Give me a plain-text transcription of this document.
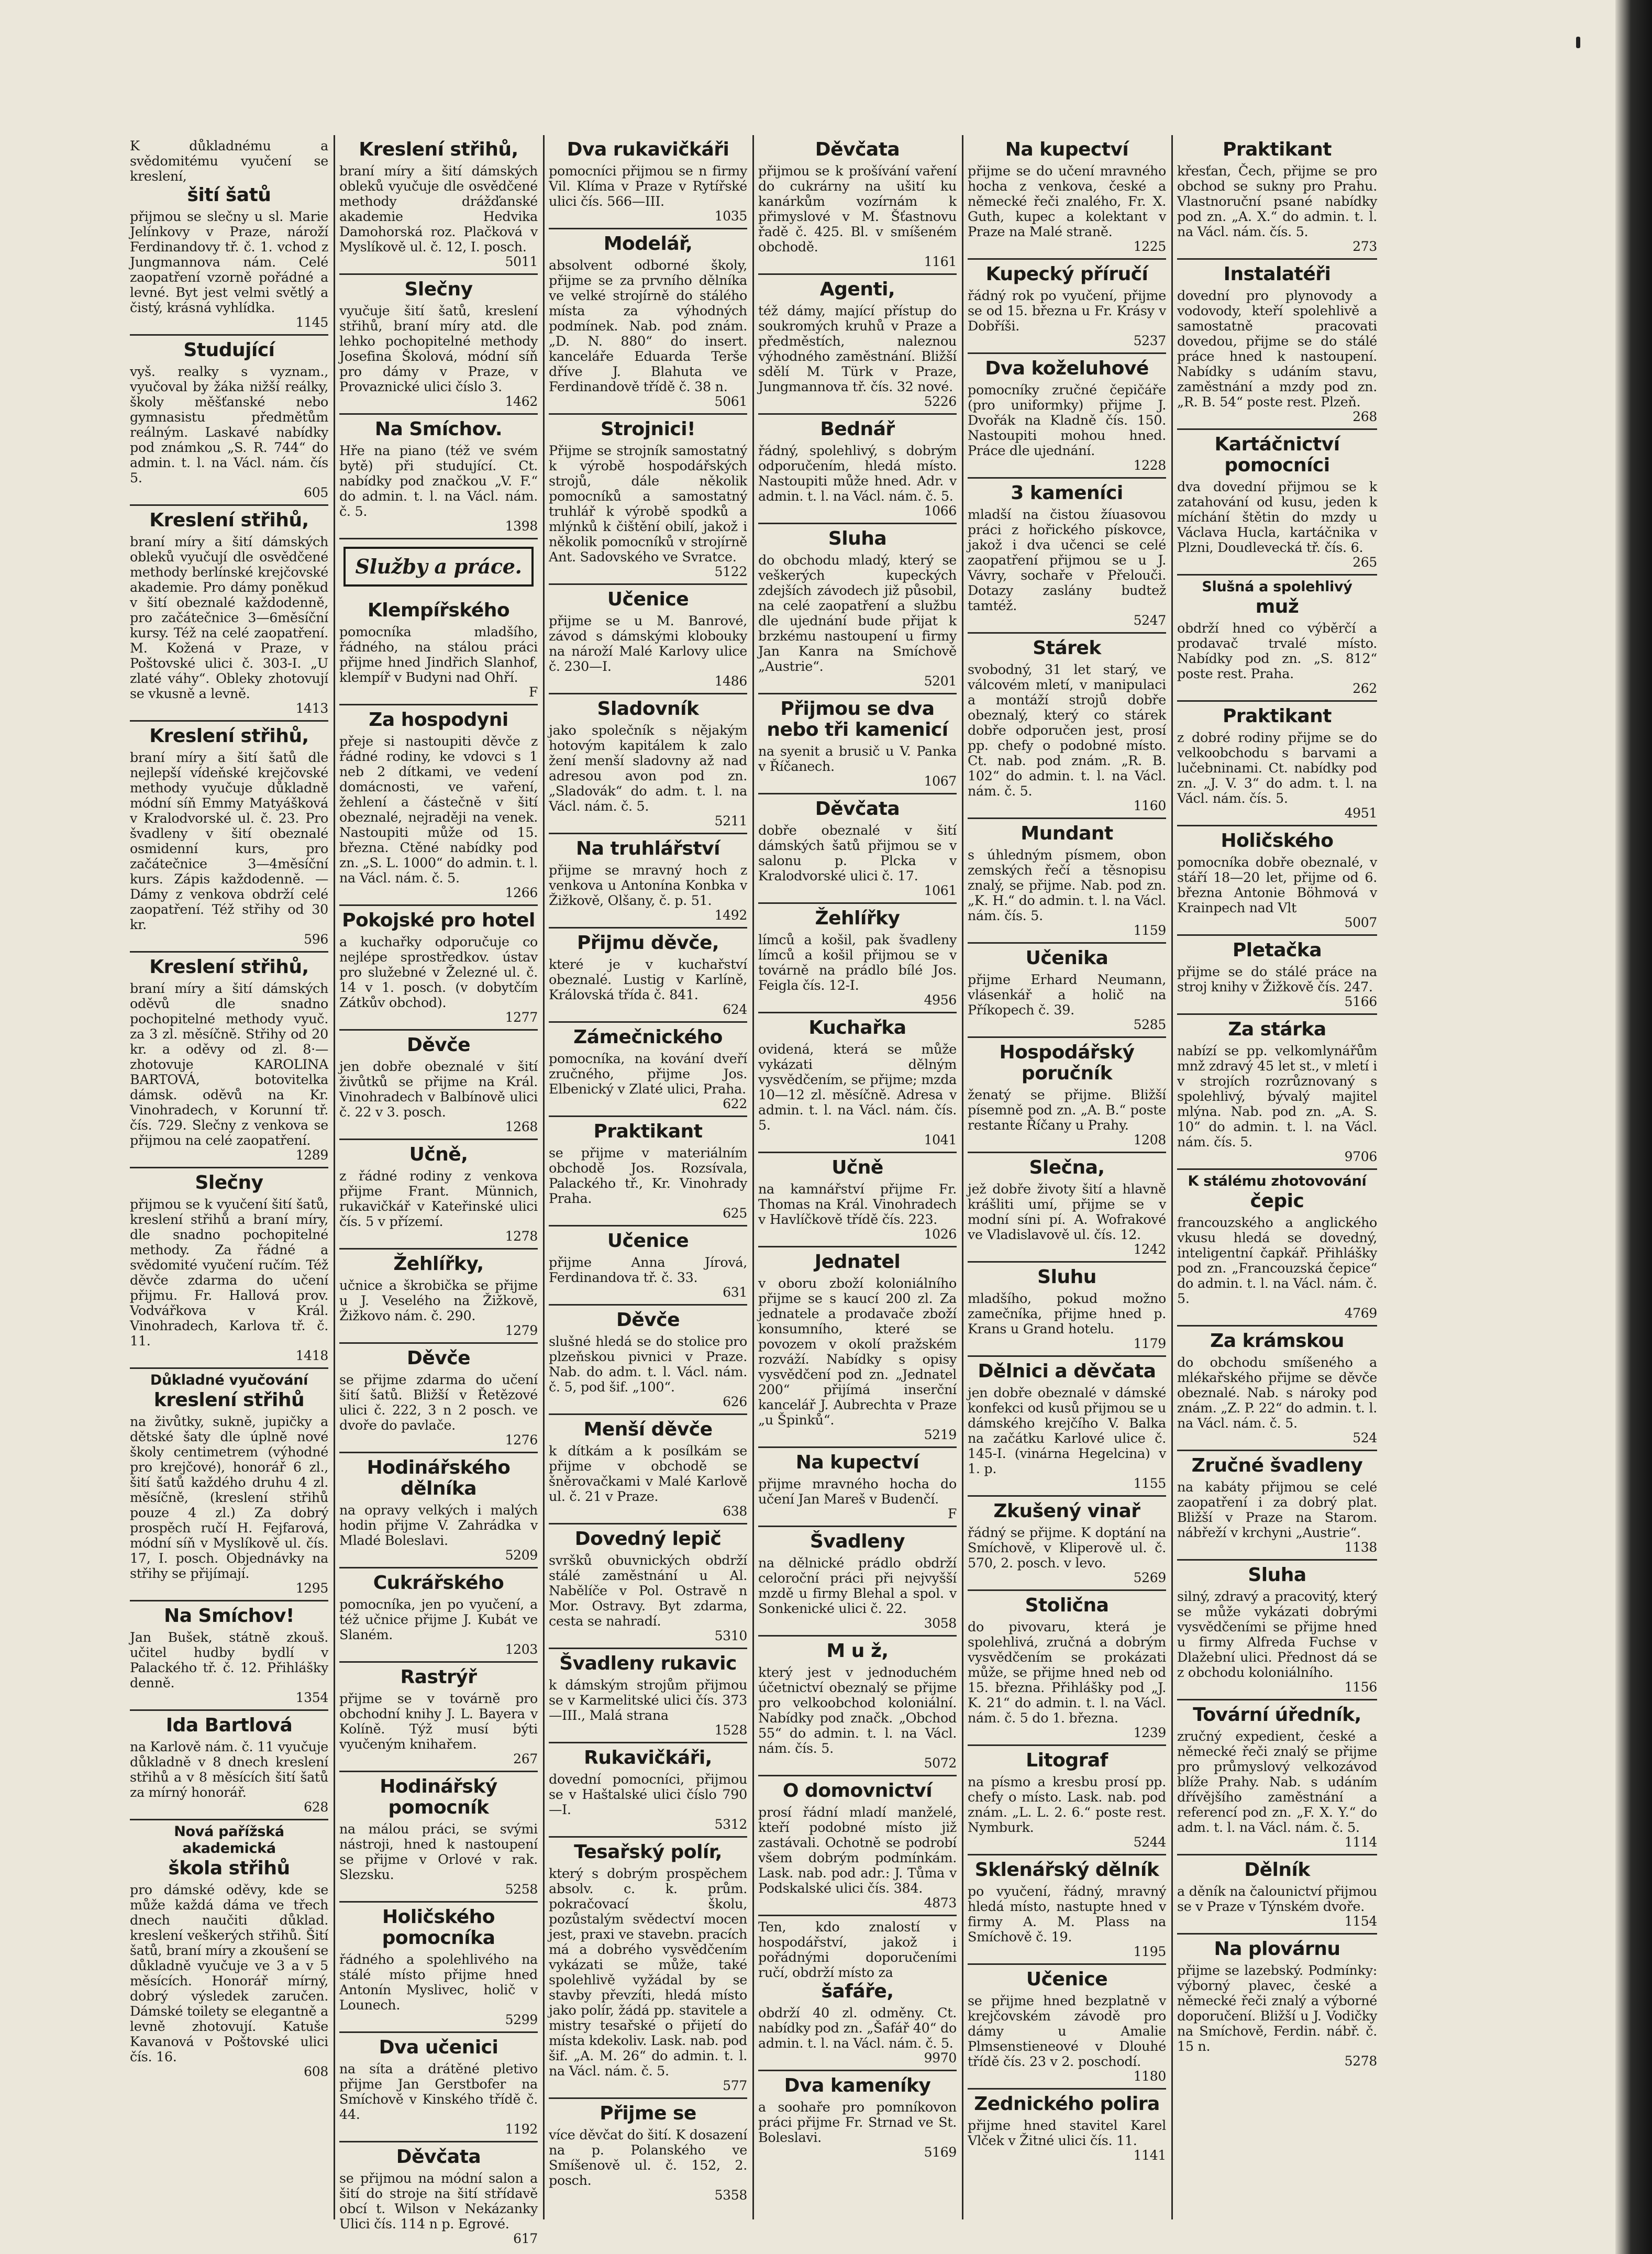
K důkladnému a svědomitému vyučení se kreslení,
šití šatů
přijmou se slečny u sl. Marie Jelínkovy v Praze, nároží Ferdinandovy tř. č. 1. vchod z Jungmannova nám. Celé zaopatření vzorně pořádné a levné. Byt jest velmi světlý a čistý, krásná vyhlídka.
1145
Studující
vyš. realky s vyznam., vyučoval by žáka nižší reálky, školy měšťanské nebo gymnasistu předmětům reálným. Laskavé nabídky pod známkou „S. R. 744“ do admin. t. l. na Václ. nám. čís 5.
605
Kreslení střihů,
braní míry a šití dámských obleků vyučují dle osvědčené methody berlínské krejčovské akademie. Pro dámy poněkud v šití obeznalé každodenně, pro začátečnice 3—6měsíční kursy. Též na celé zaopatření. M. Kožená v Praze, v Poštovské ulici č. 303-I. „U zlaté váhy“. Obleky zhotovují se vkusně a levně.
1413
Kreslení střihů,
braní míry a šití šatů dle nejlepší vídeňské krejčovské methody vyučuje důkladně módní síň Emmy Matyášková v Kralodvorské ul. č. 23. Pro švadleny v šití obeznalé osmidenní kurs, pro začátečnice 3—4měsíční kurs. Zápis každodenně. — Dámy z venkova obdrží celé zaopatření. Též střihy od 30 kr.
596
Kreslení střihů,
braní míry a šití dámských oděvů dle snadno pochopitelné methody vyuč. za 3 zl. měsíčně. Střihy od 20 kr. a oděvy od zl. 8·— zhotovuje KAROLINA BARTOVÁ, botovitelka dámsk. oděvů na Kr. Vinohradech, v Korunní tř. čís. 729. Slečny z venkova se přijmou na celé zaopatření.
1289
Slečny
přijmou se k vyučení šití šatů, kreslení střihů a braní míry, dle snadno pochopitelné methody. Za řádné a svědomité vyučení ručím. Též děvče zdarma do učení přijmu. Fr. Hallová prov. Vodvářkova v Král. Vinohradech, Karlova tř. č. 11.
1418
Důkladné vyučování
kreslení střihů
na živůtky, sukně, jupičky a dětské šaty dle úplně nové školy centimetrem (výhodné pro krejčové), honorář 6 zl., šití šatů každého druhu 4 zl. měsíčně, (kreslení střihů pouze 4 zl.) Za dobrý prospěch ručí H. Fejfarová, módní síň v Myslíkově ul. čís. 17, I. posch. Objednávky na střihy se přijímají.
1295
Na Smíchov!
Jan Bušek, státně zkouš. učitel hudby bydlí v Palackého tř. č. 12. Přihlášky denně.
1354
Ida Bartlová
na Karlově nám. č. 11 vyučuje důkladně v 8 dnech kreslení střihů a v 8 měsících šití šatů za mírný honorář.
628
Nová pařížská akademická
škola střihů
pro dámské oděvy, kde se může každá dáma ve třech dnech naučiti důklad. kreslení veškerých střihů. Šití šatů, braní míry a zkoušení se důkladně vyučuje ve 3 a v 5 měsících. Honorář mírný, dobrý výsledek zaručen. Dámské toilety se elegantně a levně zhotovují. Katuše Kavanová v Poštovské ulici čís. 16.
608
Kreslení střihů,
braní míry a šití dámských obleků vyučuje dle osvědčené methody drážďanské akademie Hedvika Damohorská roz. Plačková v Myslíkově ul. č. 12, I. posch.
5011
Slečny
vyučuje šití šatů, kreslení střihů, braní míry atd. dle lehko pochopitelné methody Josefina Školová, módní síň pro dámy v Praze, v Provaznické ulici číslo 3.
1462
Na Smíchov.
Hře na piano (též ve svém bytě) při studující. Ct. nabídky pod značkou „V. F.“ do admin. t. l. na Václ. nám. č. 5.
1398
Služby a práce.
Klempířského
pomocníka mladšího, řádného, na stálou práci přijme hned Jindřich Slanhof, klempíř v Budyni nad Ohří.
F
Za hospodyni
přeje si nastoupiti děvče z řádné rodiny, ke vdovci s 1 neb 2 dítkami, ve vedení domácnosti, ve vaření, žehlení a částečně v šití obeznalé, nejraději na venek. Nastoupiti může od 15. března. Ctěné nabídky pod zn. „S. L. 1000“ do admin. t. l. na Václ. nám. č. 5.
1266
Pokojské pro hotel
a kuchařky odporučuje co nejlépe sprostředkov. ústav pro služebné v Železné ul. č. 14 v 1. posch. (v dobytčím Zátkův obchod).
1277
Děvče
jen dobře obeznalé v šití živůtků se přijme na Král. Vinohradech v Balbínově ulici č. 22 v 3. posch.
1268
Učně,
z řádné rodiny z venkova přijme Frant. Münnich, rukavičkář v Kateřinské ulici čís. 5 v přízemí.
1278
Žehlířky,
učnice a škrobička se přijme u J. Veselého na Žižkově, Žižkovo nám. č. 290.
1279
Děvče
se přijme zdarma do učení šití šatů. Bližší v Řetězové ulici č. 222, 3 n 2 posch. ve dvoře do pavlače.
1276
Hodinářského dělníka
na opravy velkých i malých hodin přijme V. Zahrádka v Mladé Boleslavi.
5209
Cukrářského
pomocníka, jen po vyučení, a též učnice přijme J. Kubát ve Slaném.
1203
Rastrýř
přijme se v továrně pro obchodní knihy J. L. Bayera v Kolíně. Týž musí býti vyučeným knihařem.
267
Hodinářský pomocník
na málou práci, se svými nástroji, hned k nastoupení se přijme v Orlové v rak. Slezsku.
5258
Holičského pomocníka
řádného a spolehlivého na stálé místo přijme hned Antonín Myslivec, holič v Lounech.
5299
Dva učenici
na síta a drátěné pletivo přijme Jan Gerstbofer na Smíchově v Kinského třídě č. 44.
1192
Děvčata
se přijmou na módní salon a šití do stroje na šití střídavě obcí t. Wilson v Nekázanky Ulici čís. 114 n p. Egrové.
617
Dva rukavičkáři
pomocníci přijmou se n firmy Vil. Klíma v Praze v Rytířské ulici čís. 566—III.
1035
Modelář,
absolvent odborné školy, přijme se za prvního dělníka ve velké strojírně do stálého místa za výhodných podmínek. Nab. pod znám. „D. N. 880“ do insert. kanceláře Eduarda Terše dříve J. Blahuta ve Ferdinandově třídě č. 38 n.
5061
Strojnici!
Přijme se strojník samostatný k výrobě hospodářských strojů, dále několik pomocníků a samostatný truhlář k výrobě spodků a mlýnků k čištění obilí, jakož i několik pomocníků v strojírně Ant. Sadovského ve Svratce.
5122
Učenice
přijme se u M. Banrové, závod s dámskými klobouky na nároží Malé Karlovy ulice č. 230—I.
1486
Sladovník
jako společník s nějakým hotovým kapitálem k zalo žení menší sladovny až nad adresou avon pod zn. „Sladovák“ do adm. t. l. na Václ. nám. č. 5.
5211
Na truhlářství
přijme se mravný hoch z venkova u Antonína Konbka v Žižkově, Olšany, č. p. 51.
1492
Přijmu děvče,
které je v kuchařství obeznalé. Lustig v Karlíně, Královská třída č. 841.
624
Zámečnického
pomocníka, na kování dveří zručného, přijme Jos. Elbenický v Zlaté ulici, Praha.
622
Praktikant
se přijme v materiálním obchodě Jos. Rozsívala, Palackého tř., Kr. Vinohrady Praha.
625
Učenice
přijme Anna Jírová, Ferdinandova tř. č. 33.
631
Děvče
slušné hledá se do stolice pro plzeňskou pivnici v Praze. Nab. do adm. t. l. Václ. nám. č. 5, pod šif. „100“.
626
Menší děvče
k dítkám a k posílkám se přijme v obchodě se šněrovačkami v Malé Karlově ul. č. 21 v Praze.
638
Dovedný lepič
svršků obuvnických obdrží stálé zaměstnání u Al. Nabělíče v Pol. Ostravě n Mor. Ostravy. Byt zdarma, cesta se nahradí.
5310
Švadleny rukavic
k dámským strojům přijmou se v Karmelitské ulici čís. 373—III., Malá strana
1528
Rukavičkáři,
dovední pomocníci, přijmou se v Haštalské ulici číslo 790—I.
5312
Tesařský polír,
který s dobrým prospěchem absolv. c. k. prům. pokračovací školu, pozůstalým svědectví mocen jest, praxi ve stavebn. pracích má a dobrého vysvědčením vykázati se může, také spolehlivě vyžádal by se stavby převzíti, hledá místo jako polír, žádá pp. stavitele a mistry tesařské o přijetí do místa kdekoliv. Lask. nab. pod šif. „A. M. 26“ do admin. t. l. na Václ. nám. č. 5.
577
Přijme se
více děvčat do šití. K dosazení na p. Polanského ve Smíšenově ul. č. 152, 2. posch.
5358
Děvčata
přijmou se k prošívání vaření do cukrárny na ušití ku kanárkům vozírnám k přimyslové v M. Šťastnovu řadě č. 425. Bl. v smíšeném obchodě.
1161
Agenti,
též dámy, mající přístup do soukromých kruhů v Praze a předměstích, naleznou výhodného zaměstnání. Bližší sdělí M. Türk v Praze, Jungmannova tř. čís. 32 nové.
5226
Bednář
řádný, spolehlivý, s dobrým odporučením, hledá místo. Nastoupiti může hned. Adr. v admin. t. l. na Václ. nám. č. 5.
1066
Sluha
do obchodu mladý, který se veškerých kupeckých zdejších závodech již působil, na celé zaopatření a službu dle ujednání bude přijat k brzkému nastoupení u firmy Jan Kanra na Smíchově „Austrie“.
5201
Přijmou se dva nebo tři kamenicí
na syenit a brusič u V. Panka v Říčanech.
1067
Děvčata
dobře obeznalé v šití dámských šatů přijmou se v salonu p. Plcka v Kralodvorské ulici č. 17.
1061
Žehlířky
límců a košil, pak švadleny límců a košil přijmou se v továrně na prádlo bílé Jos. Feigla čís. 12-I.
4956
Kuchařka
ovidená, která se může vykázati dělným vysvědčením, se přijme; mzda 10—12 zl. měsíčně. Adresa v admin. t. l. na Václ. nám. čís. 5.
1041
Učně
na kamnářství přijme Fr. Thomas na Král. Vinohradech v Havlíčkově třídě čís. 223.
1026
Jednatel
v oboru zboží koloniálního přijme se s kaucí 200 zl. Za jednatele a prodavače zboží konsumního, které se povozem v okolí pražském rozváží. Nabídky s opisy vysvědčení pod zn. „Jednatel 200“ přijímá inserční kancelář J. Aubrechta v Praze „u Špinků“.
5219
Na kupectví
přijme mravného hocha do učení Jan Mareš v Budenčí.
F
Švadleny
na dělnické prádlo obdrží celoroční práci při nejvyšší mzdě u firmy Blehal a spol. v Sonkenické ulici č. 22.
3058
M u ž,
který jest v jednoduchém účetnictví obeznalý se přijme pro velkoobchod koloniální. Nabídky pod značk. „Obchod 55“ do admin. t. l. na Václ. nám. čís. 5.
5072
O domovnictví
prosí řádní mladí manželé, kteří podobné místo již zastávali. Ochotně se podrobí všem dobrým podmínkám. Lask. nab. pod adr.: J. Tůma v Podskalské ulici čís. 384.
4873
Ten, kdo znalostí v hospodářství, jakož i pořádnými doporučeními ručí, obdrží místo za
šafáře,
obdrží 40 zl. odměny. Ct. nabídky pod zn. „Šafář 40“ do admin. t. l. na Václ. nám. č. 5.
9970
Dva kameníky
a soohaře pro pomníkovon práci přijme Fr. Strnad ve St. Boleslavi.
5169
Na kupectví
přijme se do učení mravného hocha z venkova, české a německé řeči znalého, Fr. X. Guth, kupec a kolektant v Praze na Malé straně.
1225
Kupecký příručí
řádný rok po vyučení, přijme se od 15. března u Fr. Krásy v Dobříši.
5237
Dva koželuhové
pomocníky zručné čepičáře (pro uniformky) přijme J. Dvořák na Kladně čís. 150. Nastoupiti mohou hned. Práce dle ujednání.
1228
3 kameníci
mladší na čistou žíuasovou práci z hořického pískovce, jakož i dva učenci se celé zaopatření přijmou se u J. Vávry, sochaře v Přelouči. Dotazy zaslány budtež tamtéž.
5247
Stárek
svobodný, 31 let starý, ve válcovém mletí, v manipulaci a montáží strojů dobře obeznalý, který co stárek dobře odporučen jest, prosí pp. chefy o podobné místo. Ct. nab. pod znám. „R. B. 102“ do admin. t. l. na Václ. nám. č. 5.
1160
Mundant
s úhledným písmem, obon zemských řečí a těsnopisu znalý, se přijme. Nab. pod zn. „K. H.“ do admin. t. l. na Václ. nám. čís. 5.
1159
Učenika
přijme Erhard Neumann, vlásenkář a holič na Příkopech č. 39.
5285
Hospodářský poručník
ženatý se přijme. Bližší písemně pod zn. „A. B.“ poste restante Říčany u Prahy.
1208
Slečna,
jež dobře životy šití a hlavně krášliti umí, přijme se v modní síni pí. A. Wofrakové ve Vladislavově ul. čís. 12.
1242
Sluhu
mladšího, pokud možno zamečníka, přijme hned p. Krans u Grand hotelu.
1179
Dělnici a děvčata
jen dobře obeznalé v dámské konfekci od kusů přijmou se u dámského krejčího V. Balka na začátku Karlové ulice č. 145-I. (vinárna Hegelcina) v 1. p.
1155
Zkušený vinař
řádný se přijme. K doptání na Smíchově, v Kliperově ul. č. 570, 2. posch. v levo.
5269
Stolična
do pivovaru, která je spolehlivá, zručná a dobrým vysvědčením se prokázati může, se přijme hned neb od 15. března. Přihlášky pod „J. K. 21“ do admin. t. l. na Václ. nám. č. 5 do 1. března.
1239
Litograf
na písmo a kresbu prosí pp. chefy o místo. Lask. nab. pod znám. „L. L. 2. 6.“ poste rest. Nymburk.
5244
Sklenářský dělník
po vyučení, řádný, mravný hledá místo, nastupte hned v firmy A. M. Plass na Smíchově č. 19.
1195
Učenice
se přijme hned bezplatně v krejčovském závodě pro dámy u Amalie Plmsenstieneové v Dlouhé třídě čís. 23 v 2. poschodí.
1180
Zednického polira
přijme hned stavitel Karel Vlček v Žitné ulici čís. 11.
1141
Praktikant
křesťan, Čech, přijme se pro obchod se sukny pro Prahu. Vlastnoruční psané nabídky pod zn. „A. X.“ do admin. t. l. na Václ. nám. čís. 5.
273
Instalatéři
dovední pro plynovody a vodovody, kteří spolehlivě a samostatně pracovati dovedou, přijme se do stálé práce hned k nastoupení. Nabídky s udáním stavu, zaměstnání a mzdy pod zn. „R. B. 54“ poste rest. Plzeň.
268
Kartáčnictví pomocníci
dva dovední přijmou se k zatahování od kusu, jeden k míchání štětin do mzdy u Václava Hucla, kartáčnika v Plzni, Doudlevecká tř. čís. 6.
265
Slušná a spolehlivý
muž
obdrží hned co výběrčí a prodavač trvalé místo. Nabídky pod zn. „S. 812“ poste rest. Praha.
262
Praktikant
z dobré rodiny přijme se do velkoobchodu s barvami a lučebninami. Ct. nabídky pod zn. „J. V. 3“ do adm. t. l. na Václ. nám. čís. 5.
4951
Holičského
pomocníka dobře obeznalé, v stáří 18—20 let, přijme od 6. března Antonie Böhmová v Krainpech nad Vlt
5007
Pletačka
přijme se do stálé práce na stroj knihy v Žižkově čís. 247.
5166
Za stárka
nabízí se pp. velkomlynářům mnž zdravý 45 let st., v mletí i v strojích rozrůznovaný s spolehlivý, bývalý majitel mlýna. Nab. pod zn. „A. S. 10“ do admin. t. l. na Václ. nám. čís. 5.
9706
K stálému zhotovování
čepic
francouzského a anglického vkusu hledá se dovedný, inteligentní čapkář. Přihlášky pod zn. „Francouzská čepice“ do admin. t. l. na Václ. nám. č. 5.
4769
Za krámskou
do obchodu smíšeného a mlékařského přijme se děvče obeznalé. Nab. s nároky pod znám. „Z. P. 22“ do admin. t. l. na Václ. nám. č. 5.
524
Zručné švadleny
na kabáty přijmou se celé zaopatření i za dobrý plat. Bližší v Praze na Starom. nábřeží v krchyni „Austrie“.
1138
Sluha
silný, zdravý a pracovitý, který se může vykázati dobrými vysvědčeními se přijme hned u firmy Alfreda Fuchse v Dlažební ulici. Přednost dá se z obchodu koloniálního.
1156
Tovární úředník,
zručný expedient, české a německé řeči znalý se přijme pro průmyslový velkozávod blíže Prahy. Nab. s udáním dřívějšího zaměstnání a referencí pod zn. „F. X. Y.“ do adm. t. l. na Václ. nám. č. 5.
1114
Dělník
a děník na čalounictví přijmou se v Praze v Týnském dvoře.
1154
Na plovárnu
přijme se lazebský. Podmínky: výborný plavec, české a německé řeči znalý a výborné doporučení. Bližší u J. Vodičky na Smíchově, Ferdin. nábř. č. 15 n.
5278
